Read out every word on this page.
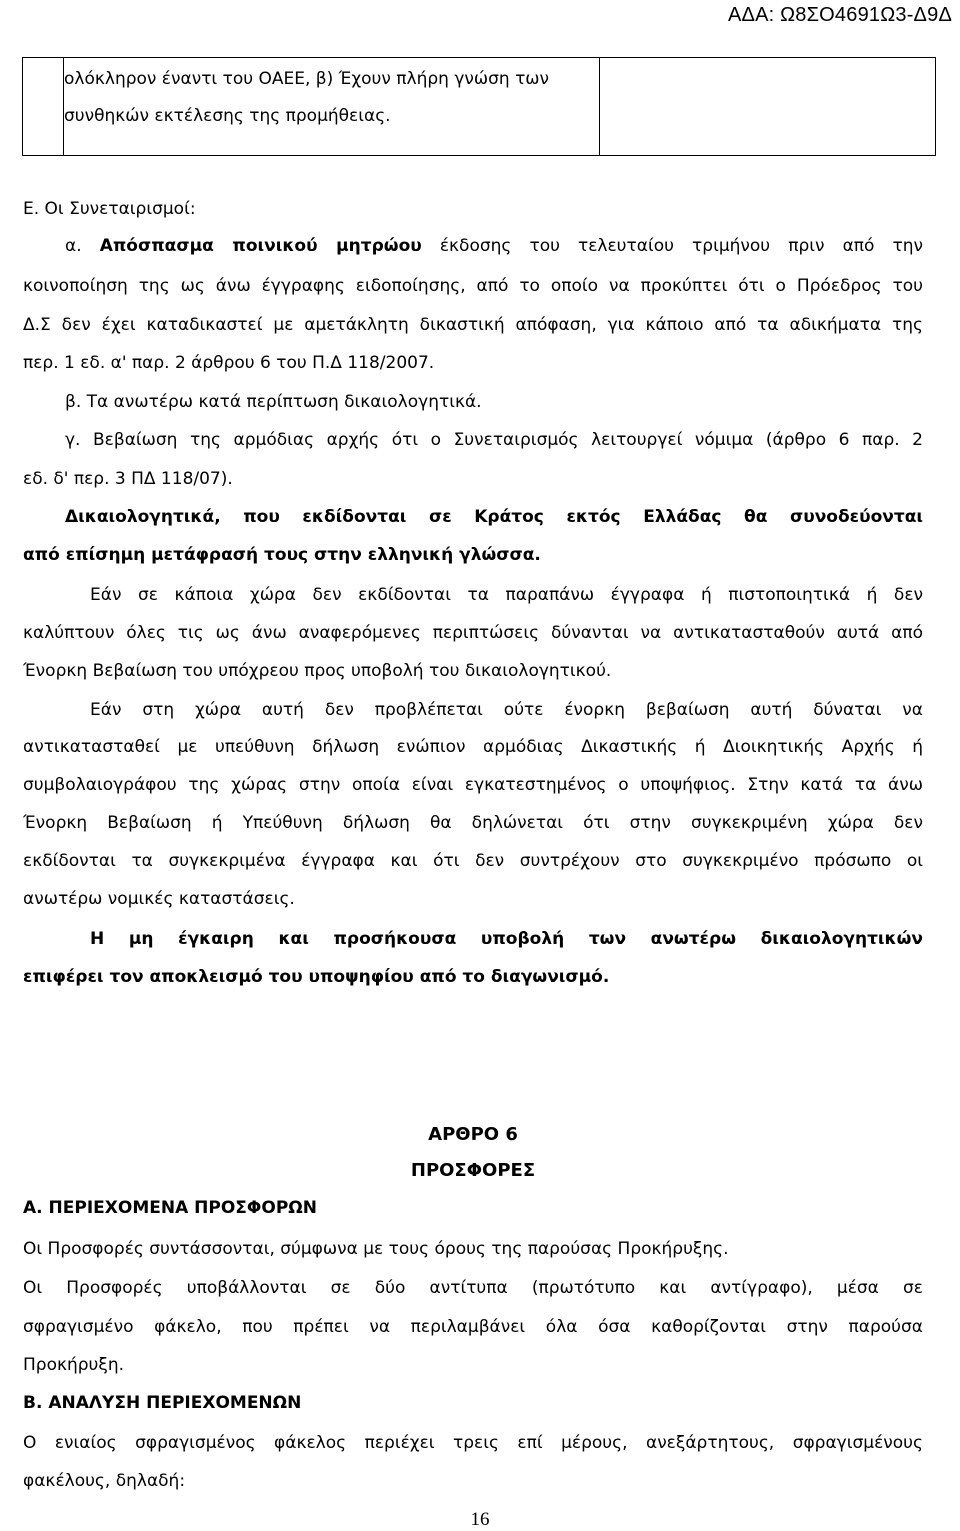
ΑΔΑ: Ω8ΣΟ4691Ω3-Δ9Δ
ολόκληρον έναντι του ΟΑΕΕ, β) Έχουν πλήρη γνώση των
συνθηκών εκτέλεσης της προμήθειας.
Ε. Οι Συνεταιρισμοί:
α. Απόσπασμα ποινικού μητρώου έκδοσης του τελευταίου τριμήνου πριν από την
κοινοποίηση της ως άνω έγγραφης ειδοποίησης, από το οποίο να προκύπτει ότι ο Πρόεδρος του
Δ.Σ δεν έχει καταδικαστεί με αμετάκλητη δικαστική απόφαση, για κάποιο από τα αδικήματα της
περ. 1 εδ. α' παρ. 2 άρθρου 6 του Π.Δ 118/2007.
β. Τα ανωτέρω κατά περίπτωση δικαιολογητικά.
γ. Βεβαίωση της αρμόδιας αρχής ότι ο Συνεταιρισμός λειτουργεί νόμιμα (άρθρο 6 παρ. 2
εδ. δ' περ. 3 ΠΔ 118/07).
Δικαιολογητικά, που εκδίδονται σε Κράτος εκτός Ελλάδας θα συνοδεύονται
από επίσημη μετάφρασή τους στην ελληνική γλώσσα.
Εάν σε κάποια χώρα δεν εκδίδονται τα παραπάνω έγγραφα ή πιστοποιητικά ή δεν
καλύπτουν όλες τις ως άνω αναφερόμενες περιπτώσεις δύνανται να αντικατασταθούν αυτά από
Ένορκη Βεβαίωση του υπόχρεου προς υποβολή του δικαιολογητικού.
Εάν στη χώρα αυτή δεν προβλέπεται ούτε ένορκη βεβαίωση αυτή δύναται να
αντικατασταθεί με υπεύθυνη δήλωση ενώπιον αρμόδιας Δικαστικής ή Διοικητικής Αρχής ή
συμβολαιογράφου της χώρας στην οποία είναι εγκατεστημένος ο υποψήφιος. Στην κατά τα άνω
Ένορκη Βεβαίωση ή Υπεύθυνη δήλωση θα δηλώνεται ότι στην συγκεκριμένη χώρα δεν
εκδίδονται τα συγκεκριμένα έγγραφα και ότι δεν συντρέχουν στο συγκεκριμένο πρόσωπο οι
ανωτέρω νομικές καταστάσεις.
Η μη έγκαιρη και προσήκουσα υποβολή των ανωτέρω δικαιολογητικών
επιφέρει τον αποκλεισμό του υποψηφίου από το διαγωνισμό.
ΑΡΘΡΟ 6
ΠΡΟΣΦΟΡΕΣ
Α. ΠΕΡΙΕΧΟΜΕΝΑ ΠΡΟΣΦΟΡΩΝ
Οι Προσφορές συντάσσονται, σύμφωνα με τους όρους της παρούσας Προκήρυξης.
Οι Προσφορές υποβάλλονται σε δύο αντίτυπα (πρωτότυπο και αντίγραφο), μέσα σε
σφραγισμένο φάκελο, που πρέπει να περιλαμβάνει όλα όσα καθορίζονται στην παρούσα
Προκήρυξη.
Β. ΑΝΑΛΥΣΗ ΠΕΡΙΕΧΟΜΕΝΩΝ
Ο ενιαίος σφραγισμένος φάκελος περιέχει τρεις επί μέρους, ανεξάρτητους, σφραγισμένους
φακέλους, δηλαδή:
16
